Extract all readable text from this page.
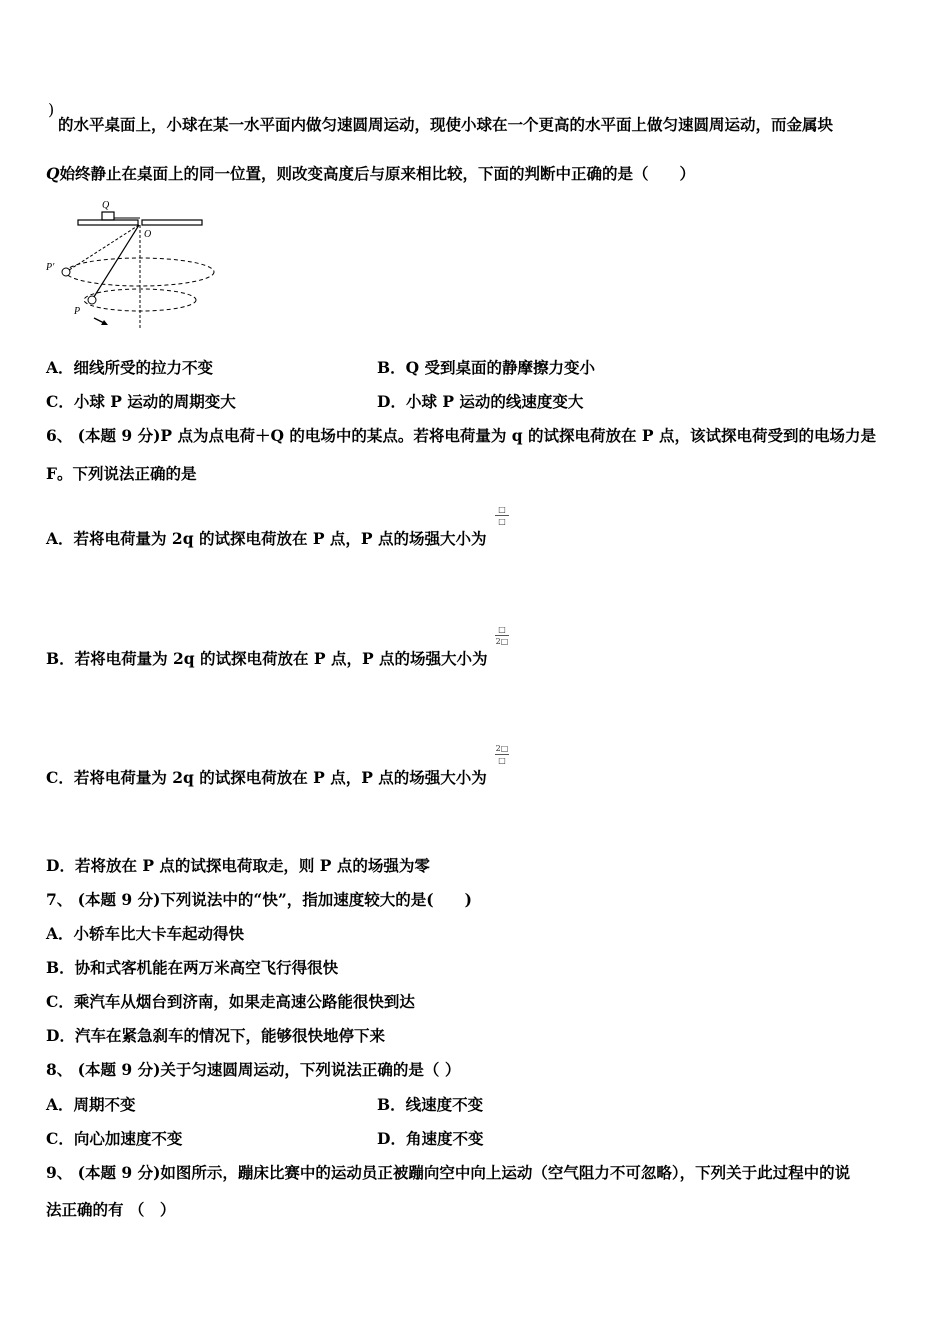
)
的水平桌面上，小球在某一水平面内做匀速圆周运动，现使小球在一个更高的水平面上做匀速圆周运动，而金属块
Q始终静止在桌面上的同一位置，则改变高度后与原来相比较，下面的判断中正确的是（　　）
Q
O
P′
P
A．细线所受的拉力不变	B．Q 受到桌面的静摩擦力变小
C．小球 P 运动的周期变大	D．小球 P 运动的线速度变大
6、 (本题 9 分)P 点为点电荷＋Q 的电场中的某点。若将电荷量为 q 的试探电荷放在 P 点，该试探电荷受到的电场力是
F。下列说法正确的是
A．若将电荷量为 2q 的试探电荷放在 P 点，P 点的场强大小为
□
□
B．若将电荷量为 2q 的试探电荷放在 P 点，P 点的场强大小为
□
2□
C．若将电荷量为 2q 的试探电荷放在 P 点，P 点的场强大小为
2□
□
D．若将放在 P 点的试探电荷取走，则 P 点的场强为零
7、 (本题 9 分)下列说法中的“快”，指加速度较大的是(　　)
A．小轿车比大卡车起动得快
B．协和式客机能在两万米高空飞行得很快
C．乘汽车从烟台到济南，如果走高速公路能很快到达
D．汽车在紧急刹车的情况下，能够很快地停下来
8、 (本题 9 分)关于匀速圆周运动，下列说法正确的是（ ）
A．周期不变	B．线速度不变
C．向心加速度不变	D．角速度不变
9、 (本题 9 分)如图所示，蹦床比赛中的运动员正被蹦向空中向上运动（空气阻力不可忽略），下列关于此过程中的说
法正确的有 （　）
